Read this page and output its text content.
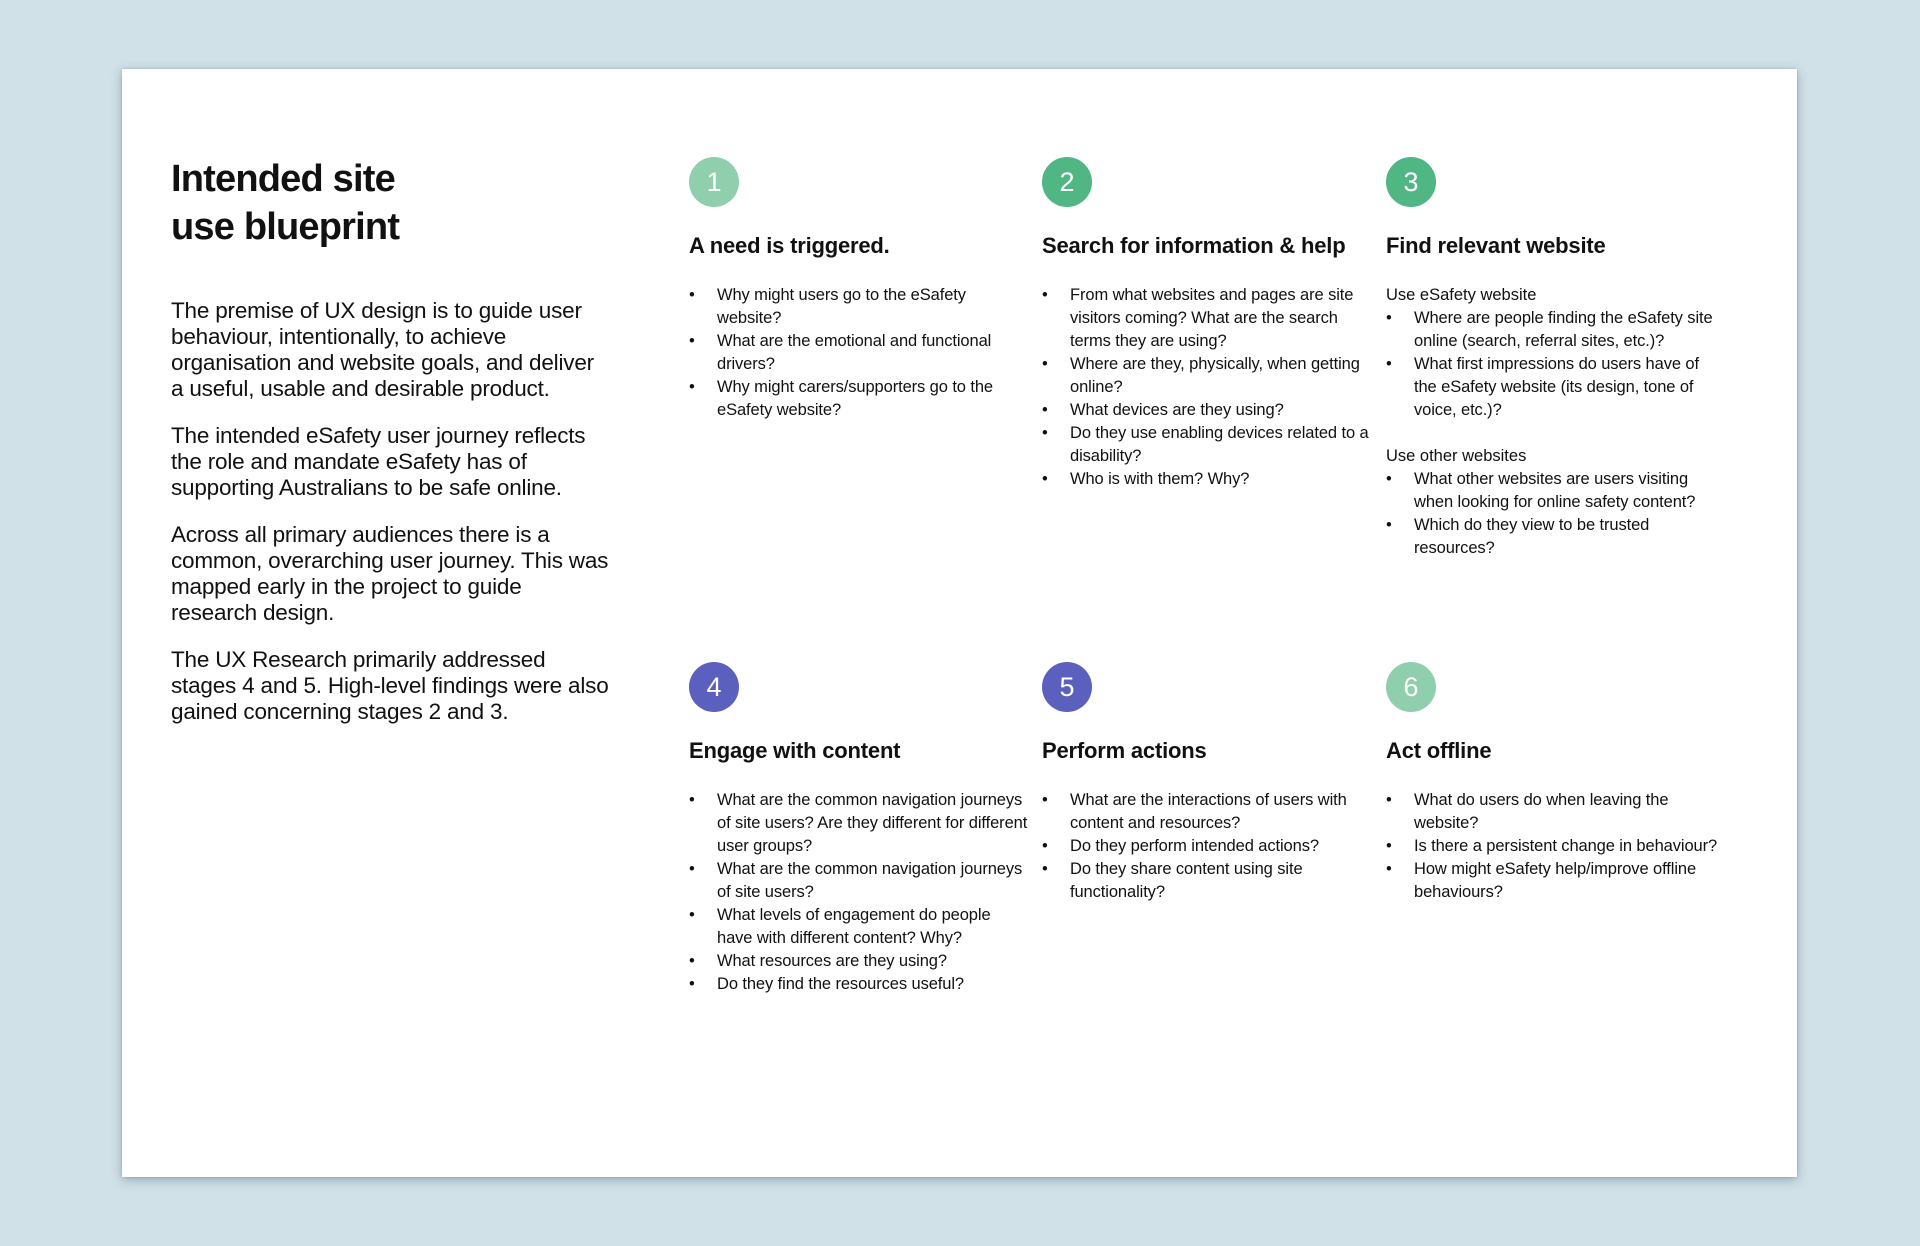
Intended site
use blueprint

The premise of UX design is to guide user behaviour, intentionally, to achieve organisation and website goals, and deliver a useful, usable and desirable product.

The intended eSafety user journey reflects the role and mandate eSafety has of supporting Australians to be safe online.

Across all primary audiences there is a common, overarching user journey. This was mapped early in the project to guide research design.

The UX Research primarily addressed stages 4 and 5. High-level findings were also gained concerning stages 2 and 3.

1
A need is triggered.
• Why might users go to the eSafety website?
• What are the emotional and functional drivers?
• Why might carers/supporters go to the eSafety website?
2
Search for information & help
• From what websites and pages are site visitors coming? What are the search terms they are using?
• Where are they, physically, when getting online?
• What devices are they using?
• Do they use enabling devices related to a disability?
• Who is with them? Why?
3
Find relevant website

Use eSafety website

• Where are people finding the eSafety site online (search, referral sites, etc.)?
• What first impressions do users have of the eSafety website (its design, tone of voice, etc.)?

Use other websites

• What other websites are users visiting when looking for online safety content?
• Which do they view to be trusted resources?
4
Engage with content
• What are the common navigation journeys of site users? Are they different for different user groups?
• What are the common navigation journeys of site users?
• What levels of engagement do people have with different content? Why?
• What resources are they using?
• Do they find the resources useful?
5
Perform actions
• What are the interactions of users with content and resources?
• Do they perform intended actions?
• Do they share content using site functionality?
6
Act offline
• What do users do when leaving the website?
• Is there a persistent change in behaviour?
• How might eSafety help/improve offline behaviours?
